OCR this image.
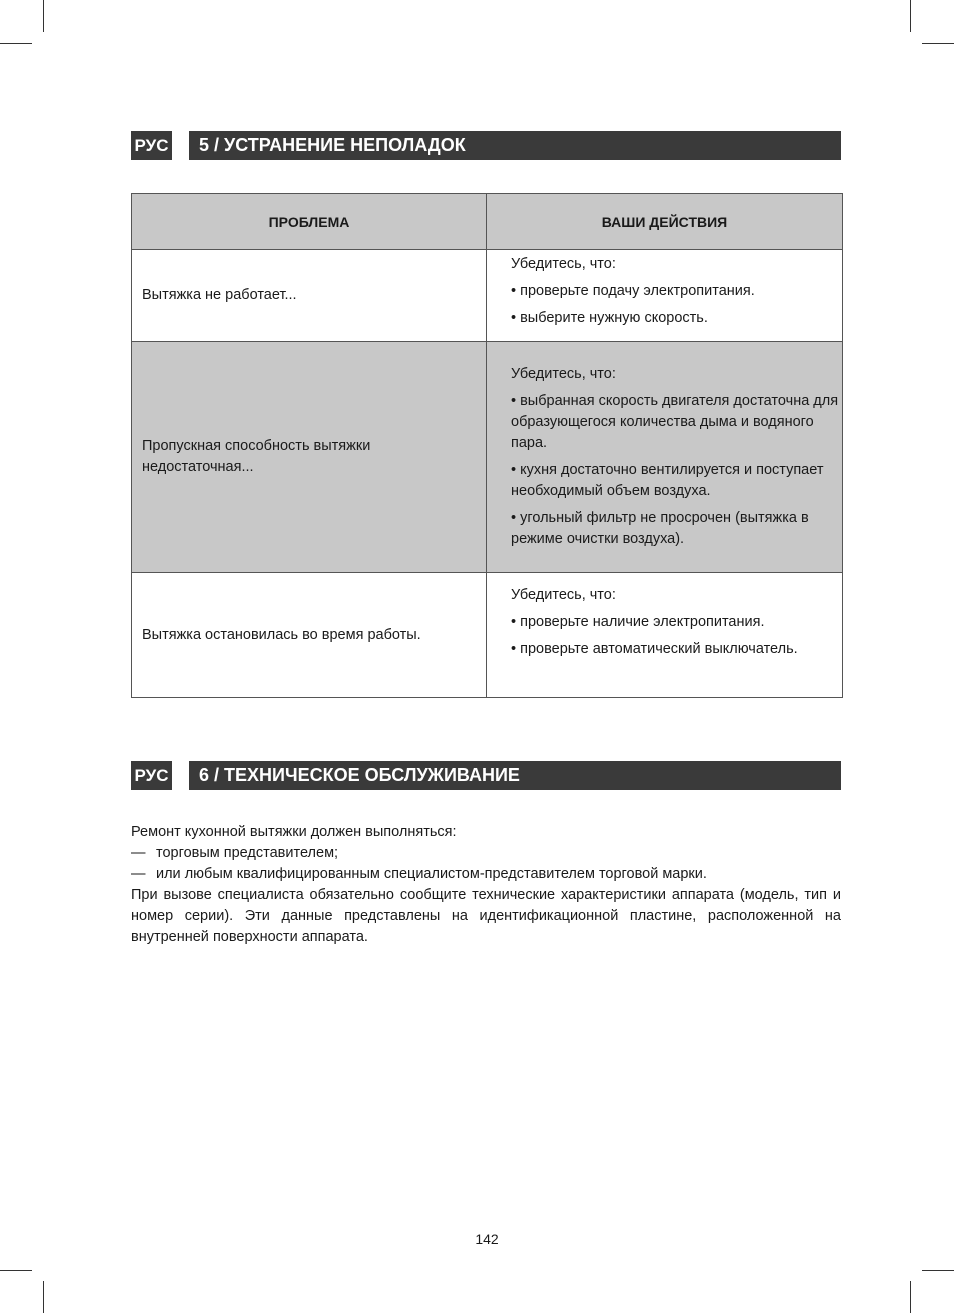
РУС	5 / УСТРАНЕНИЕ НЕПОЛАДОК
ПРОБЛЕМА	ВАШИ ДЕЙСТВИЯ
Вытяжка не работает...	Убедитесь, что:
• проверьте подачу электропитания.
• выберите нужную скорость.

Пропускная способность вытяжки недостаточная...	Убедитесь, что:
• выбранная скорость двигателя достаточна для образующегося количества дыма и водяного пара.
• кухня достаточно вентилируется и поступает необходимый объем воздуха.
• угольный фильтр не просрочен (вытяжка в режиме очистки воздуха).

Вытяжка остановилась во время работы.	Убедитесь, что:
• проверьте наличие электропитания.
• проверьте автоматический выключатель.
РУС	6 / ТЕХНИЧЕСКОЕ ОБСЛУЖИВАНИЕ

Ремонт кухонной вытяжки должен выполняться:

— торговым представителем;

— или любым квалифицированным специалистом-представителем торговой марки.

При вызове специалиста обязательно сообщите технические характеристики аппарата (модель, тип и номер серии). Эти данные представлены на идентификационной пластине, расположенной на внутренней поверхности аппарата.

142
